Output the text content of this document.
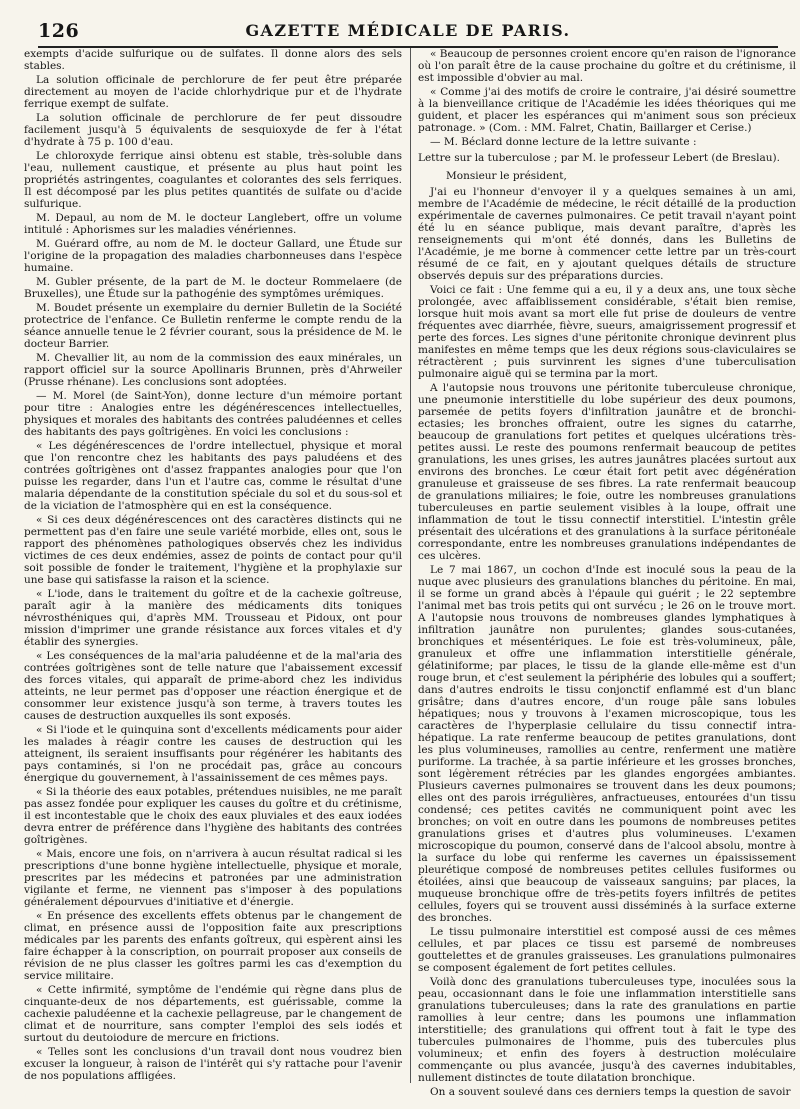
126	GAZETTE MÉDICALE DE PARIS.

exempts d'acide sulfurique ou de sulfates. Il donne alors des sels stables.

La solution officinale de perchlorure de fer peut être préparée directement au moyen de l'acide chlorhydrique pur et de l'hydrate ferrique exempt de sulfate.

La solution officinale de perchlorure de fer peut dissoudre facilement jusqu'à 5 équivalents de sesquioxyde de fer à l'état d'hydrate à 75 p. 100 d'eau.

Le chloroxyde ferrique ainsi obtenu est stable, très-soluble dans l'eau, nullement caustique, et présente au plus haut point les propriétés astringentes, coagulantes et colorantes des sels ferriques. Il est décomposé par les plus petites quantités de sulfate ou d'acide sulfurique.

M. Depaul, au nom de M. le docteur Langlebert, offre un volume intitulé : Aphorismes sur les maladies vénériennes.

M. Guérard offre, au nom de M. le docteur Gallard, une Étude sur l'origine de la propagation des maladies charbonneuses dans l'espèce humaine.

M. Gubler présente, de la part de M. le docteur Rommelaere (de Bruxelles), une Étude sur la pathogénie des symptômes urémiques.

M. Boudet présente un exemplaire du dernier Bulletin de la Société protectrice de l'enfance. Ce Bulletin renferme le compte rendu de la séance annuelle tenue le 2 février courant, sous la présidence de M. le docteur Barrier.

M. Chevallier lit, au nom de la commission des eaux minérales, un rapport officiel sur la source Apollinaris Brunnen, près d'Ahrweiler (Prusse rhénane). Les conclusions sont adoptées.

— M. Morel (de Saint-Yon), donne lecture d'un mémoire portant pour titre : Analogies entre les dégénérescences intellectuelles, physiques et morales des habitants des contrées paludéennes et celles des habitants des pays goîtrigènes. En voici les conclusions :

« Les dégénérescences de l'ordre intellectuel, physique et moral que l'on rencontre chez les habitants des pays paludéens et des contrées goîtrigènes ont d'assez frappantes analogies pour que l'on puisse les regarder, dans l'un et l'autre cas, comme le résultat d'une malaria dépendante de la constitution spéciale du sol et du sous-sol et de la viciation de l'atmosphère qui en est la conséquence.

« Si ces deux dégénérescences ont des caractères distincts qui ne permettent pas d'en faire une seule variété morbide, elles ont, sous le rapport des phénomènes pathologiques observés chez les individus victimes de ces deux endémies, assez de points de contact pour qu'il soit possible de fonder le traitement, l'hygiène et la prophylaxie sur une base qui satisfasse la raison et la science.

« L'iode, dans le traitement du goître et de la cachexie goîtreuse, paraît agir à la manière des médicaments dits toniques névrosthéniques qui, d'après MM. Trousseau et Pidoux, ont pour mission d'imprimer une grande résistance aux forces vitales et d'y établir des synergies.

« Les conséquences de la mal'aria paludéenne et de la mal'aria des contrées goîtrigènes sont de telle nature que l'abaissement excessif des forces vitales, qui apparaît de prime-abord chez les individus atteints, ne leur permet pas d'opposer une réaction énergique et de consommer leur existence jusqu'à son terme, à travers toutes les causes de destruction auxquelles ils sont exposés.

« Si l'iode et le quinquina sont d'excellents médicaments pour aider les malades à réagir contre les causes de destruction qui les atteignent, ils seraient insuffisants pour régénérer les habitants des pays contaminés, si l'on ne procédait pas, grâce au concours énergique du gouvernement, à l'assainissement de ces mêmes pays.

« Si la théorie des eaux potables, prétendues nuisibles, ne me paraît pas assez fondée pour expliquer les causes du goître et du crétinisme, il est incontestable que le choix des eaux pluviales et des eaux iodées devra entrer de préférence dans l'hygiène des habitants des contrées goîtrigènes.

« Mais, encore une fois, on n'arrivera à aucun résultat radical si les prescriptions d'une bonne hygiène intellectuelle, physique et morale, prescrites par les médecins et patronées par une administration vigilante et ferme, ne viennent pas s'imposer à des populations généralement dépourvues d'initiative et d'énergie.

« En présence des excellents effets obtenus par le changement de climat, en présence aussi de l'opposition faite aux prescriptions médicales par les parents des enfants goîtreux, qui espèrent ainsi les faire échapper à la conscription, on pourrait proposer aux conseils de révision de ne plus classer les goîtres parmi les cas d'exemption du service militaire.

« Cette infirmité, symptôme de l'endémie qui règne dans plus de cinquante-deux de nos départements, est guérissable, comme la cachexie paludéenne et la cachexie pellagreuse, par le changement de climat et de nourriture, sans compter l'emploi des sels iodés et surtout du deutoiodure de mercure en frictions.

« Telles sont les conclusions d'un travail dont nous voudrez bien excuser la longueur, à raison de l'intérêt qui s'y rattache pour l'avenir de nos populations affligées.

« Beaucoup de personnes croient encore qu'en raison de l'ignorance où l'on paraît être de la cause prochaine du goître et du crétinisme, il est impossible d'obvier au mal.

« Comme j'ai des motifs de croire le contraire, j'ai désiré soumettre à la bienveillance critique de l'Académie les idées théoriques qui me guident, et placer les espérances qui m'animent sous son précieux patronage. » (Com. : MM. Falret, Chatin, Baillarger et Cerise.)

— M. Béclard donne lecture de la lettre suivante :

Lettre sur la tuberculose ; par M. le professeur Lebert (de Breslau).

Monsieur le président,

J'ai eu l'honneur d'envoyer il y a quelques semaines à un ami, membre de l'Académie de médecine, le récit détaillé de la production expérimentale de cavernes pulmonaires. Ce petit travail n'ayant point été lu en séance publique, mais devant paraître, d'après les renseignements qui m'ont été donnés, dans les Bulletins de l'Académie, je me borne à commencer cette lettre par un très-court résumé de ce fait, en y ajoutant quelques détails de structure observés depuis sur des préparations durcies.

Voici ce fait : Une femme qui a eu, il y a deux ans, une toux sèche prolongée, avec affaiblissement considérable, s'était bien remise, lorsque huit mois avant sa mort elle fut prise de douleurs de ventre fréquentes avec diarrhée, fièvre, sueurs, amaigrissement progressif et perte des forces. Les signes d'une péritonite chronique devinrent plus manifestes en même temps que les deux régions sous-claviculaires se rétractèrent ; puis survinrent les signes d'une tuberculisation pulmonaire aiguë qui se termina par la mort.

A l'autopsie nous trouvons une péritonite tuberculeuse chronique, une pneumonie interstitielle du lobe supérieur des deux poumons, parsemée de petits foyers d'infiltration jaunâtre et de bronchi-ectasies; les bronches offraient, outre les signes du catarrhe, beaucoup de granulations fort petites et quelques ulcérations très-petites aussi. Le reste des poumons renfermait beaucoup de petites granulations, les unes grises, les autres jaunâtres placées surtout aux environs des bronches. Le cœur était fort petit avec dégénération granuleuse et graisseuse de ses fibres. La rate renfermait beaucoup de granulations miliaires; le foie, outre les nombreuses granulations tuberculeuses en partie seulement visibles à la loupe, offrait une inflammation de tout le tissu connectif interstitiel. L'intestin grêle présentait des ulcérations et des granulations à la surface péritonéale correspondante, entre les nombreuses granulations indépendantes de ces ulcères.

Le 7 mai 1867, un cochon d'Inde est inoculé sous la peau de la nuque avec plusieurs des granulations blanches du péritoine. En mai, il se forme un grand abcès à l'épaule qui guérit ; le 22 septembre l'animal met bas trois petits qui ont survécu ; le 26 on le trouve mort. A l'autopsie nous trouvons de nombreuses glandes lymphatiques à infiltration jaunâtre non purulentes; glandes sous-cutanées, bronchiques et mésentériques. Le foie est très-volumineux, pâle, granuleux et offre une inflammation interstitielle générale, gélatiniforme; par places, le tissu de la glande elle-même est d'un rouge brun, et c'est seulement la périphérie des lobules qui a souffert; dans d'autres endroits le tissu conjonctif enflammé est d'un blanc grisâtre; dans d'autres encore, d'un rouge pâle sans lobules hépatiques; nous y trouvons à l'examen microscopique, tous les caractères de l'hyperplasie cellulaire du tissu connectif intra-hépatique. La rate renferme beaucoup de petites granulations, dont les plus volumineuses, ramollies au centre, renferment une matière puriforme. La trachée, à sa partie inférieure et les grosses bronches, sont légèrement rétrécies par les glandes engorgées ambiantes. Plusieurs cavernes pulmonaires se trouvent dans les deux poumons; elles ont des parois irrégulières, anfractueuses, entourées d'un tissu condensé; ces petites cavités ne communiquent point avec les bronches; on voit en outre dans les poumons de nombreuses petites granulations grises et d'autres plus volumineuses. L'examen microscopique du poumon, conservé dans de l'alcool absolu, montre à la surface du lobe qui renferme les cavernes un épaississement pleurétique composé de nombreuses petites cellules fusiformes ou étoilées, ainsi que beaucoup de vaisseaux sanguins; par places, la muqueuse bronchique offre de très-petits foyers infiltrés de petites cellules, foyers qui se trouvent aussi disséminés à la surface externe des bronches.

Le tissu pulmonaire interstitiel est composé aussi de ces mêmes cellules, et par places ce tissu est parsemé de nombreuses gouttelettes et de granules graisseuses. Les granulations pulmonaires se composent également de fort petites cellules.

Voilà donc des granulations tuberculeuses type, inoculées sous la peau, occasionnant dans le foie une inflammation interstitielle sans granulations tuberculeuses; dans la rate des granulations en partie ramollies à leur centre; dans les poumons une inflammation interstitielle; des granulations qui offrent tout à fait le type des tubercules pulmonaires de l'homme, puis des tubercules plus volumineux; et enfin des foyers à destruction moléculaire commençante ou plus avancée, jusqu'à des cavernes indubitables, nullement distinctes de toute dilatation bronchique.

On a souvent soulevé dans ces derniers temps la question de savoir
